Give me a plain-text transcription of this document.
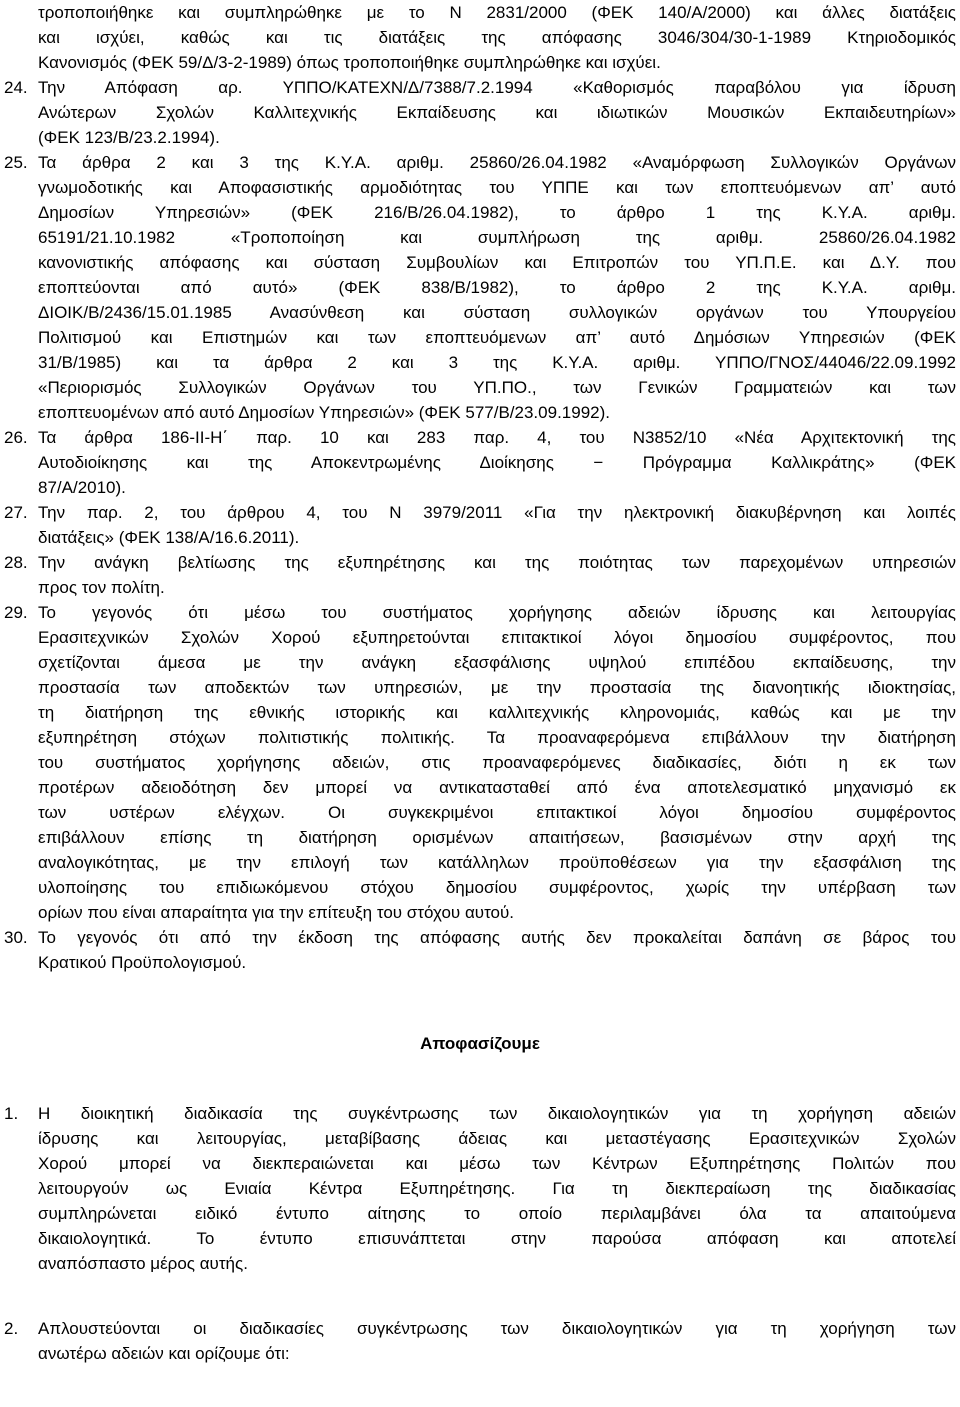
τροποποιήθηκε και συμπληρώθηκε με το Ν 2831/2000 (ΦΕΚ 140/Α/2000) και άλλες διατάξεις
και ισχύει, καθώς και τις διατάξεις της απόφασης 3046/304/30-1-1989 Κτηριοδομικός
Κανονισμός (ΦΕΚ 59/Δ/3-2-1989) όπως τροποποιήθηκε συμπληρώθηκε και ισχύει.
24. Την Απόφαση αρ. ΥΠΠΟ/ΚΑΤΕΧΝ/Δ/7388/7.2.1994 «Καθορισμός παραβόλου για ίδρυση
Ανώτερων Σχολών Καλλιτεχνικής Εκπαίδευσης και ιδιωτικών Μουσικών Εκπαιδευτηρίων»
(ΦΕΚ 123/Β/23.2.1994).
25. Τα άρθρα 2 και 3 της Κ.Υ.Α. αριθμ. 25860/26.04.1982 «Αναμόρφωση Συλλογικών Οργάνων
γνωμοδοτικής και Αποφασιστικής αρμοδιότητας του ΥΠΠΕ και των εποπτευόμενων απ’ αυτό
Δημοσίων Υπηρεσιών» (ΦΕΚ 216/Β/26.04.1982), το άρθρο 1 της Κ.Υ.Α. αριθμ.
65191/21.10.1982 «Τροποποίηση και συμπλήρωση της αριθμ. 25860/26.04.1982
κανονιστικής απόφασης και σύσταση Συμβουλίων και Επιτροπών του ΥΠ.Π.Ε. και Δ.Υ. που
εποπτεύονται από αυτό» (ΦΕΚ 838/Β/1982), το άρθρο 2 της Κ.Υ.Α. αριθμ.
ΔΙΟΙΚ/Β/2436/15.01.1985 Ανασύνθεση και σύσταση συλλογικών οργάνων του Υπουργείου
Πολιτισμού και Επιστημών και των εποπτευόμενων απ’ αυτό Δημόσιων Υπηρεσιών (ΦΕΚ
31/Β/1985) και τα άρθρα 2 και 3 της Κ.Υ.Α. αριθμ. ΥΠΠΟ/ΓΝΟΣ/44046/22.09.1992
«Περιορισμός Συλλογικών Οργάνων του ΥΠ.ΠΟ., των Γενικών Γραμματειών και των
εποπτευομένων από αυτό Δημοσίων Υπηρεσιών» (ΦΕΚ 577/Β/23.09.1992).
26. Τα άρθρα 186-ΙΙ-Η΄ παρ. 10 και 283 παρ. 4, του Ν3852/10 «Νέα Αρχιτεκτονική της
Αυτοδιοίκησης και της Αποκεντρωμένης Διοίκησης − Πρόγραμμα Καλλικράτης» (ΦΕΚ
87/Α/2010).
27. Την παρ. 2, του άρθρου 4, του Ν 3979/2011 «Για την ηλεκτρονική διακυβέρνηση και λοιπές
διατάξεις» (ΦΕΚ 138/Α/16.6.2011).
28. Την ανάγκη βελτίωσης της εξυπηρέτησης και της ποιότητας των παρεχομένων υπηρεσιών
προς τον πολίτη.
29. Το γεγονός ότι μέσω του συστήματος χορήγησης αδειών ίδρυσης και λειτουργίας
Ερασιτεχνικών Σχολών Χορού εξυπηρετούνται επιτακτικοί λόγοι δημοσίου συμφέροντος, που
σχετίζονται άμεσα με την ανάγκη εξασφάλισης υψηλού επιπέδου εκπαίδευσης, την
προστασία των αποδεκτών των υπηρεσιών, με την προστασία της διανοητικής ιδιοκτησίας,
τη διατήρηση της εθνικής ιστορικής και καλλιτεχνικής κληρονομιάς, καθώς και με την
εξυπηρέτηση στόχων πολιτιστικής πολιτικής. Τα προαναφερόμενα επιβάλλουν την διατήρηση
του συστήματος χορήγησης αδειών, στις προαναφερόμενες διαδικασίες, διότι η εκ των
προτέρων αδειοδότηση δεν μπορεί να αντικατασταθεί από ένα αποτελεσματικό μηχανισμό εκ
των υστέρων ελέγχων. Οι συγκεκριμένοι επιτακτικοί λόγοι δημοσίου συμφέροντος
επιβάλλουν επίσης τη διατήρηση ορισμένων απαιτήσεων, βασισμένων στην αρχή της
αναλογικότητας, με την επιλογή των κατάλληλων προϋποθέσεων για την εξασφάλιση της
υλοποίησης του επιδιωκόμενου στόχου δημοσίου συμφέροντος, χωρίς την υπέρβαση των
ορίων που είναι απαραίτητα για την επίτευξη του στόχου αυτού.
30. Το γεγονός ότι από την έκδοση της απόφασης αυτής δεν προκαλείται δαπάνη σε βάρος του
Κρατικού Προϋπολογισμού.
Αποφασίζουμε
1.	Η διοικητική διαδικασία της συγκέντρωσης των δικαιολογητικών για τη χορήγηση αδειών
ίδρυσης και λειτουργίας, μεταβίβασης άδειας και μεταστέγασης Ερασιτεχνικών Σχολών
Χορού μπορεί να διεκπεραιώνεται και μέσω των Κέντρων Εξυπηρέτησης Πολιτών που
λειτουργούν ως Ενιαία Κέντρα Εξυπηρέτησης. Για τη διεκπεραίωση της διαδικασίας
συμπληρώνεται ειδικό έντυπο αίτησης το οποίο περιλαμβάνει όλα τα απαιτούμενα
δικαιολογητικά. Το έντυπο επισυνάπτεται στην παρούσα απόφαση και αποτελεί
αναπόσπαστο μέρος αυτής.
2.	Απλουστεύονται οι διαδικασίες συγκέντρωσης των δικαιολογητικών για τη χορήγηση των
ανωτέρω αδειών και ορίζουμε ότι:
